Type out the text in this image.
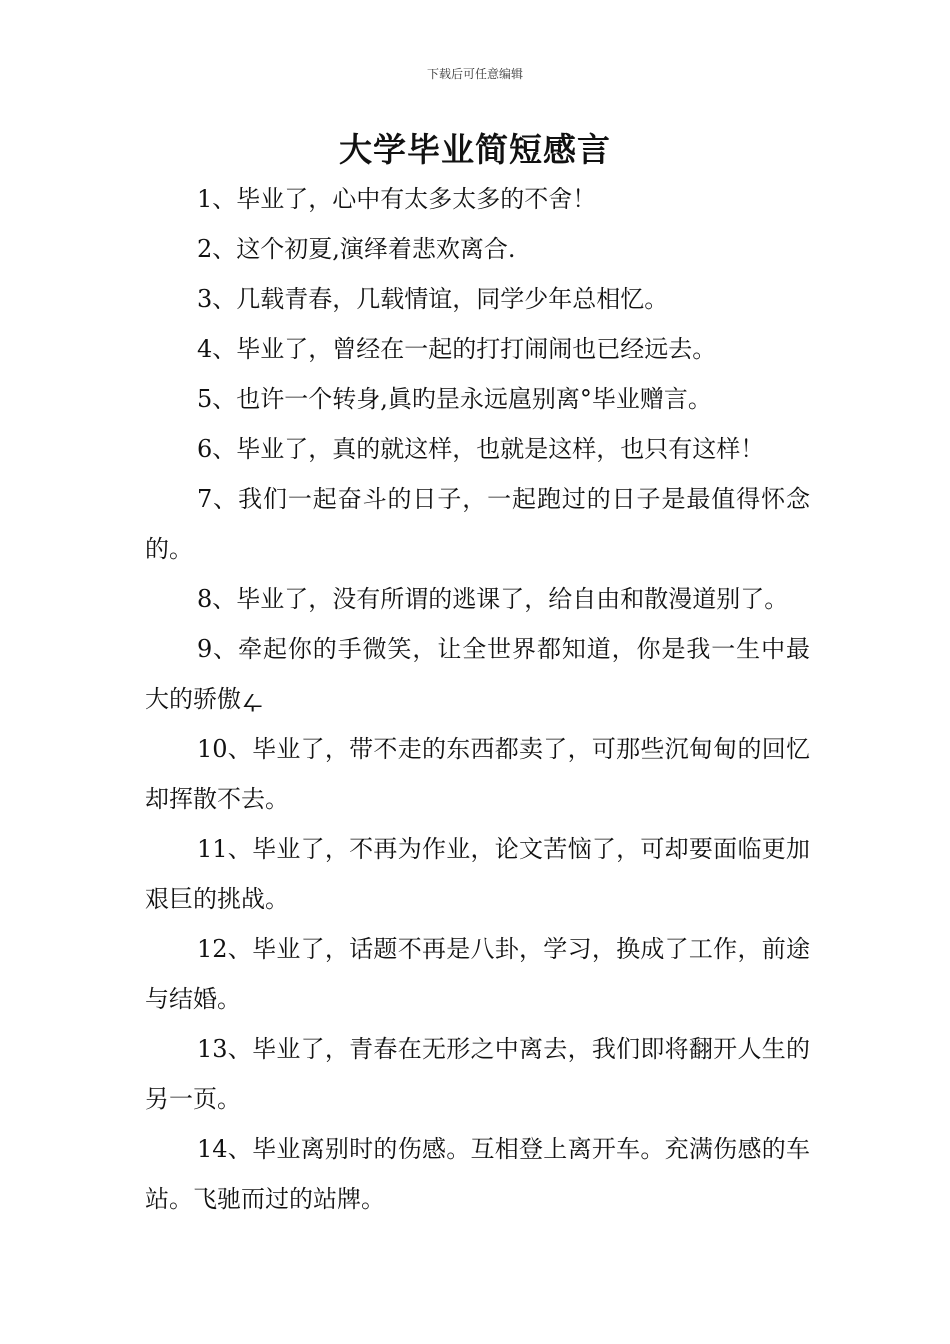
下载后可任意编辑
大学毕业简短感言

1、毕业了，心中有太多太多的不舍！

2、这个初夏,演绎着悲欢离合.

3、几载青春，几载情谊，同学少年总相忆。

4、毕业了，曾经在一起的打打闹闹也已经远去。

5、也许一个转身,眞旳昰永远扈别离°毕业赠言。

6、毕业了，真的就这样，也就是这样，也只有这样！

7、我们一起奋斗的日子，一起跑过的日子是最值得怀念的。

8、毕业了，没有所谓的逃课了，给自由和散漫道别了。

9、牵起你的手微笑，让全世界都知道，你是我一生中最大的骄傲ഺ

10、毕业了，带不走的东西都卖了，可那些沉甸甸的回忆却挥散不去。

11、毕业了，不再为作业，论文苦恼了，可却要面临更加艰巨的挑战。

12、毕业了，话题不再是八卦，学习，换成了工作，前途与结婚。

13、毕业了，青春在无形之中离去，我们即将翻开人生的另一页。

14、毕业离别时的伤感。互相登上离开车。充满伤感的车站。飞驰而过的站牌。
